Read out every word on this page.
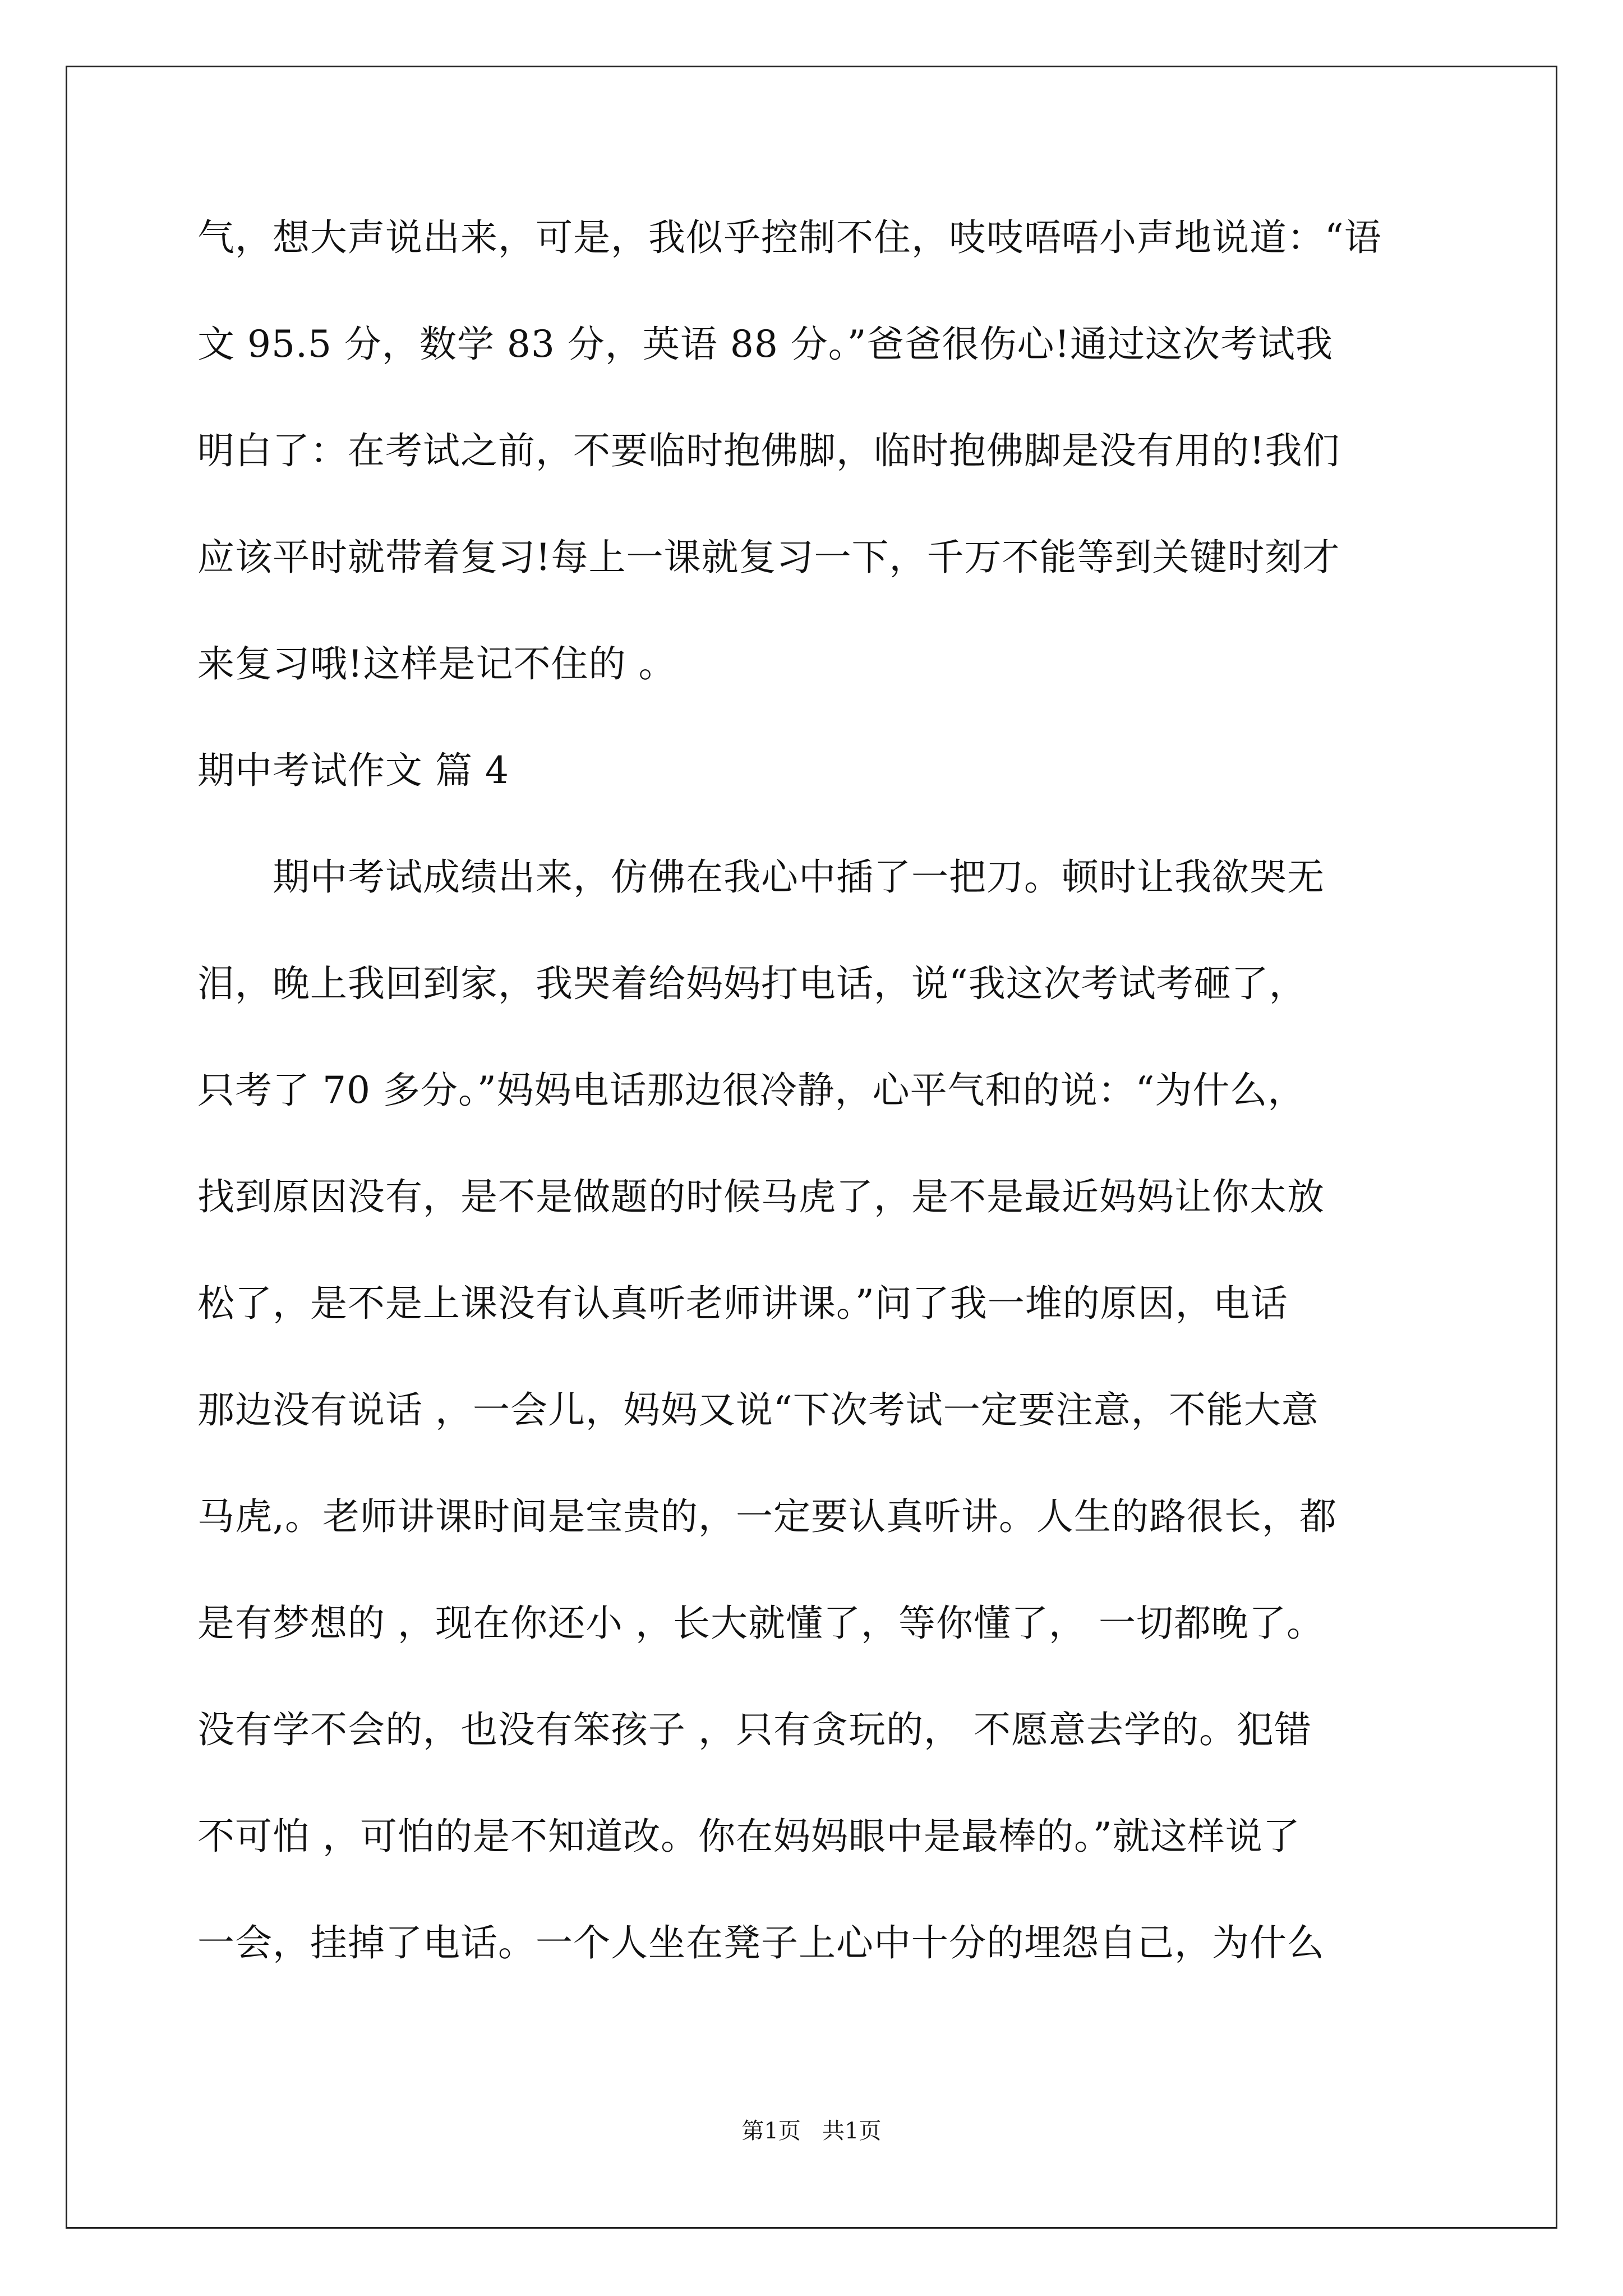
气，想大声说出来，可是，我似乎控制不住，吱吱唔唔小声地说道：“语
文 95.5 分，数学 83 分，英语 88 分。”爸爸很伤心!通过这次考试我
明白了：在考试之前，不要临时抱佛脚，临时抱佛脚是没有用的!我们
应该平时就带着复习!每上一课就复习一下，千万不能等到关键时刻才
来复习哦!这样是记不住的 。
期中考试作文 篇 4
　　期中考试成绩出来，仿佛在我心中插了一把刀。顿时让我欲哭无
泪，晚上我回到家，我哭着给妈妈打电话，说“我这次考试考砸了，
只考了 70 多分。”妈妈电话那边很冷静，心平气和的说：“为什么，
找到原因没有，是不是做题的时候马虎了，是不是最近妈妈让你太放
松了，是不是上课没有认真听老师讲课。”问了我一堆的原因，电话
那边没有说话 ，一会儿，妈妈又说“下次考试一定要注意，不能大意
马虎,。老师讲课时间是宝贵的，一定要认真听讲。人生的路很长，都
是有梦想的 ，现在你还小 ，长大就懂了，等你懂了， 一切都晚了。
没有学不会的，也没有笨孩子 ，只有贪玩的， 不愿意去学的。犯错
不可怕 ，可怕的是不知道改。你在妈妈眼中是最棒的。”就这样说了
一会，挂掉了电话。一个人坐在凳子上心中十分的埋怨自己，为什么
第1页   共1页
